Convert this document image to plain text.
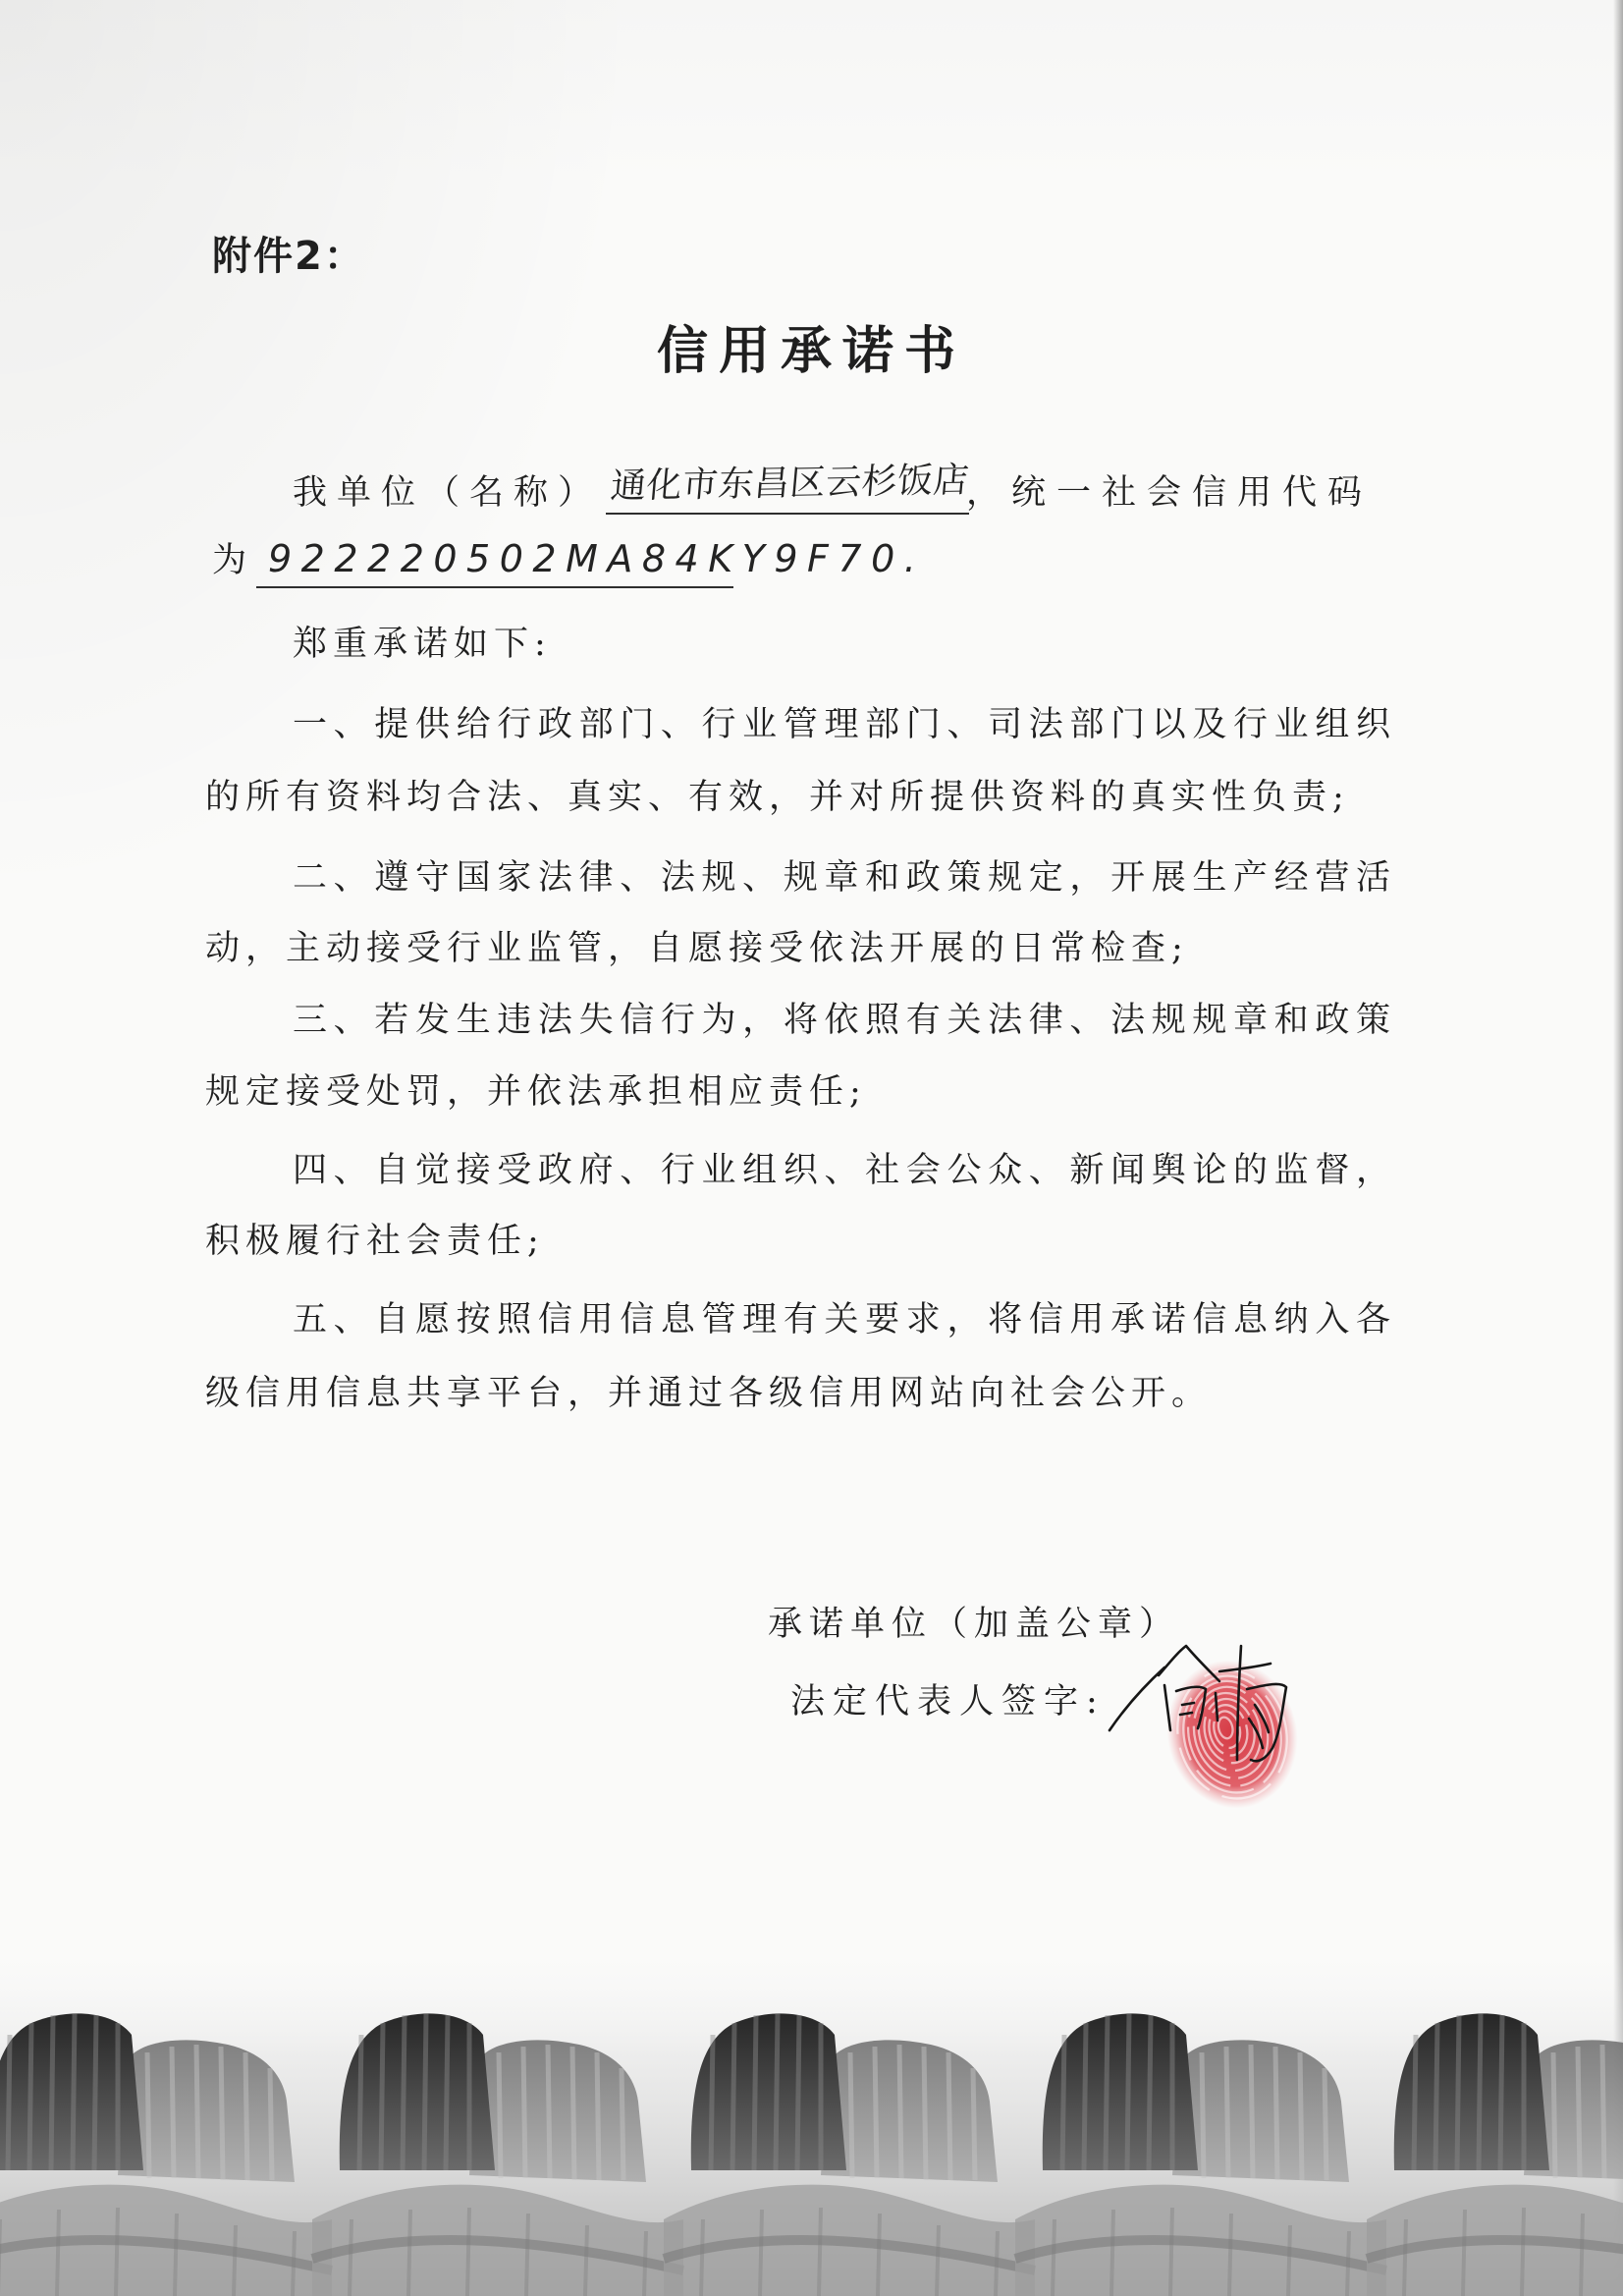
附件2：
信用承诺书
我单位（名称） 通化市东昌区云杉饭店
，统一社会信用代码
为 922220502MA84KY9F70.
郑重承诺如下:
一、提供给行政部门、行业管理部门、司法部门以及行业组织
的所有资料均合法、真实、有效，并对所提供资料的真实性负责;
二、遵守国家法律、法规、规章和政策规定，开展生产经营活
动，主动接受行业监管，自愿接受依法开展的日常检查;
三、若发生违法失信行为，将依照有关法律、法规规章和政策
规定接受处罚，并依法承担相应责任;
四、自觉接受政府、行业组织、社会公众、新闻舆论的监督，
积极履行社会责任;
五、自愿按照信用信息管理有关要求，将信用承诺信息纳入各
级信用信息共享平台，并通过各级信用网站向社会公开。
承诺单位（加盖公章）
法定代表人签字:
